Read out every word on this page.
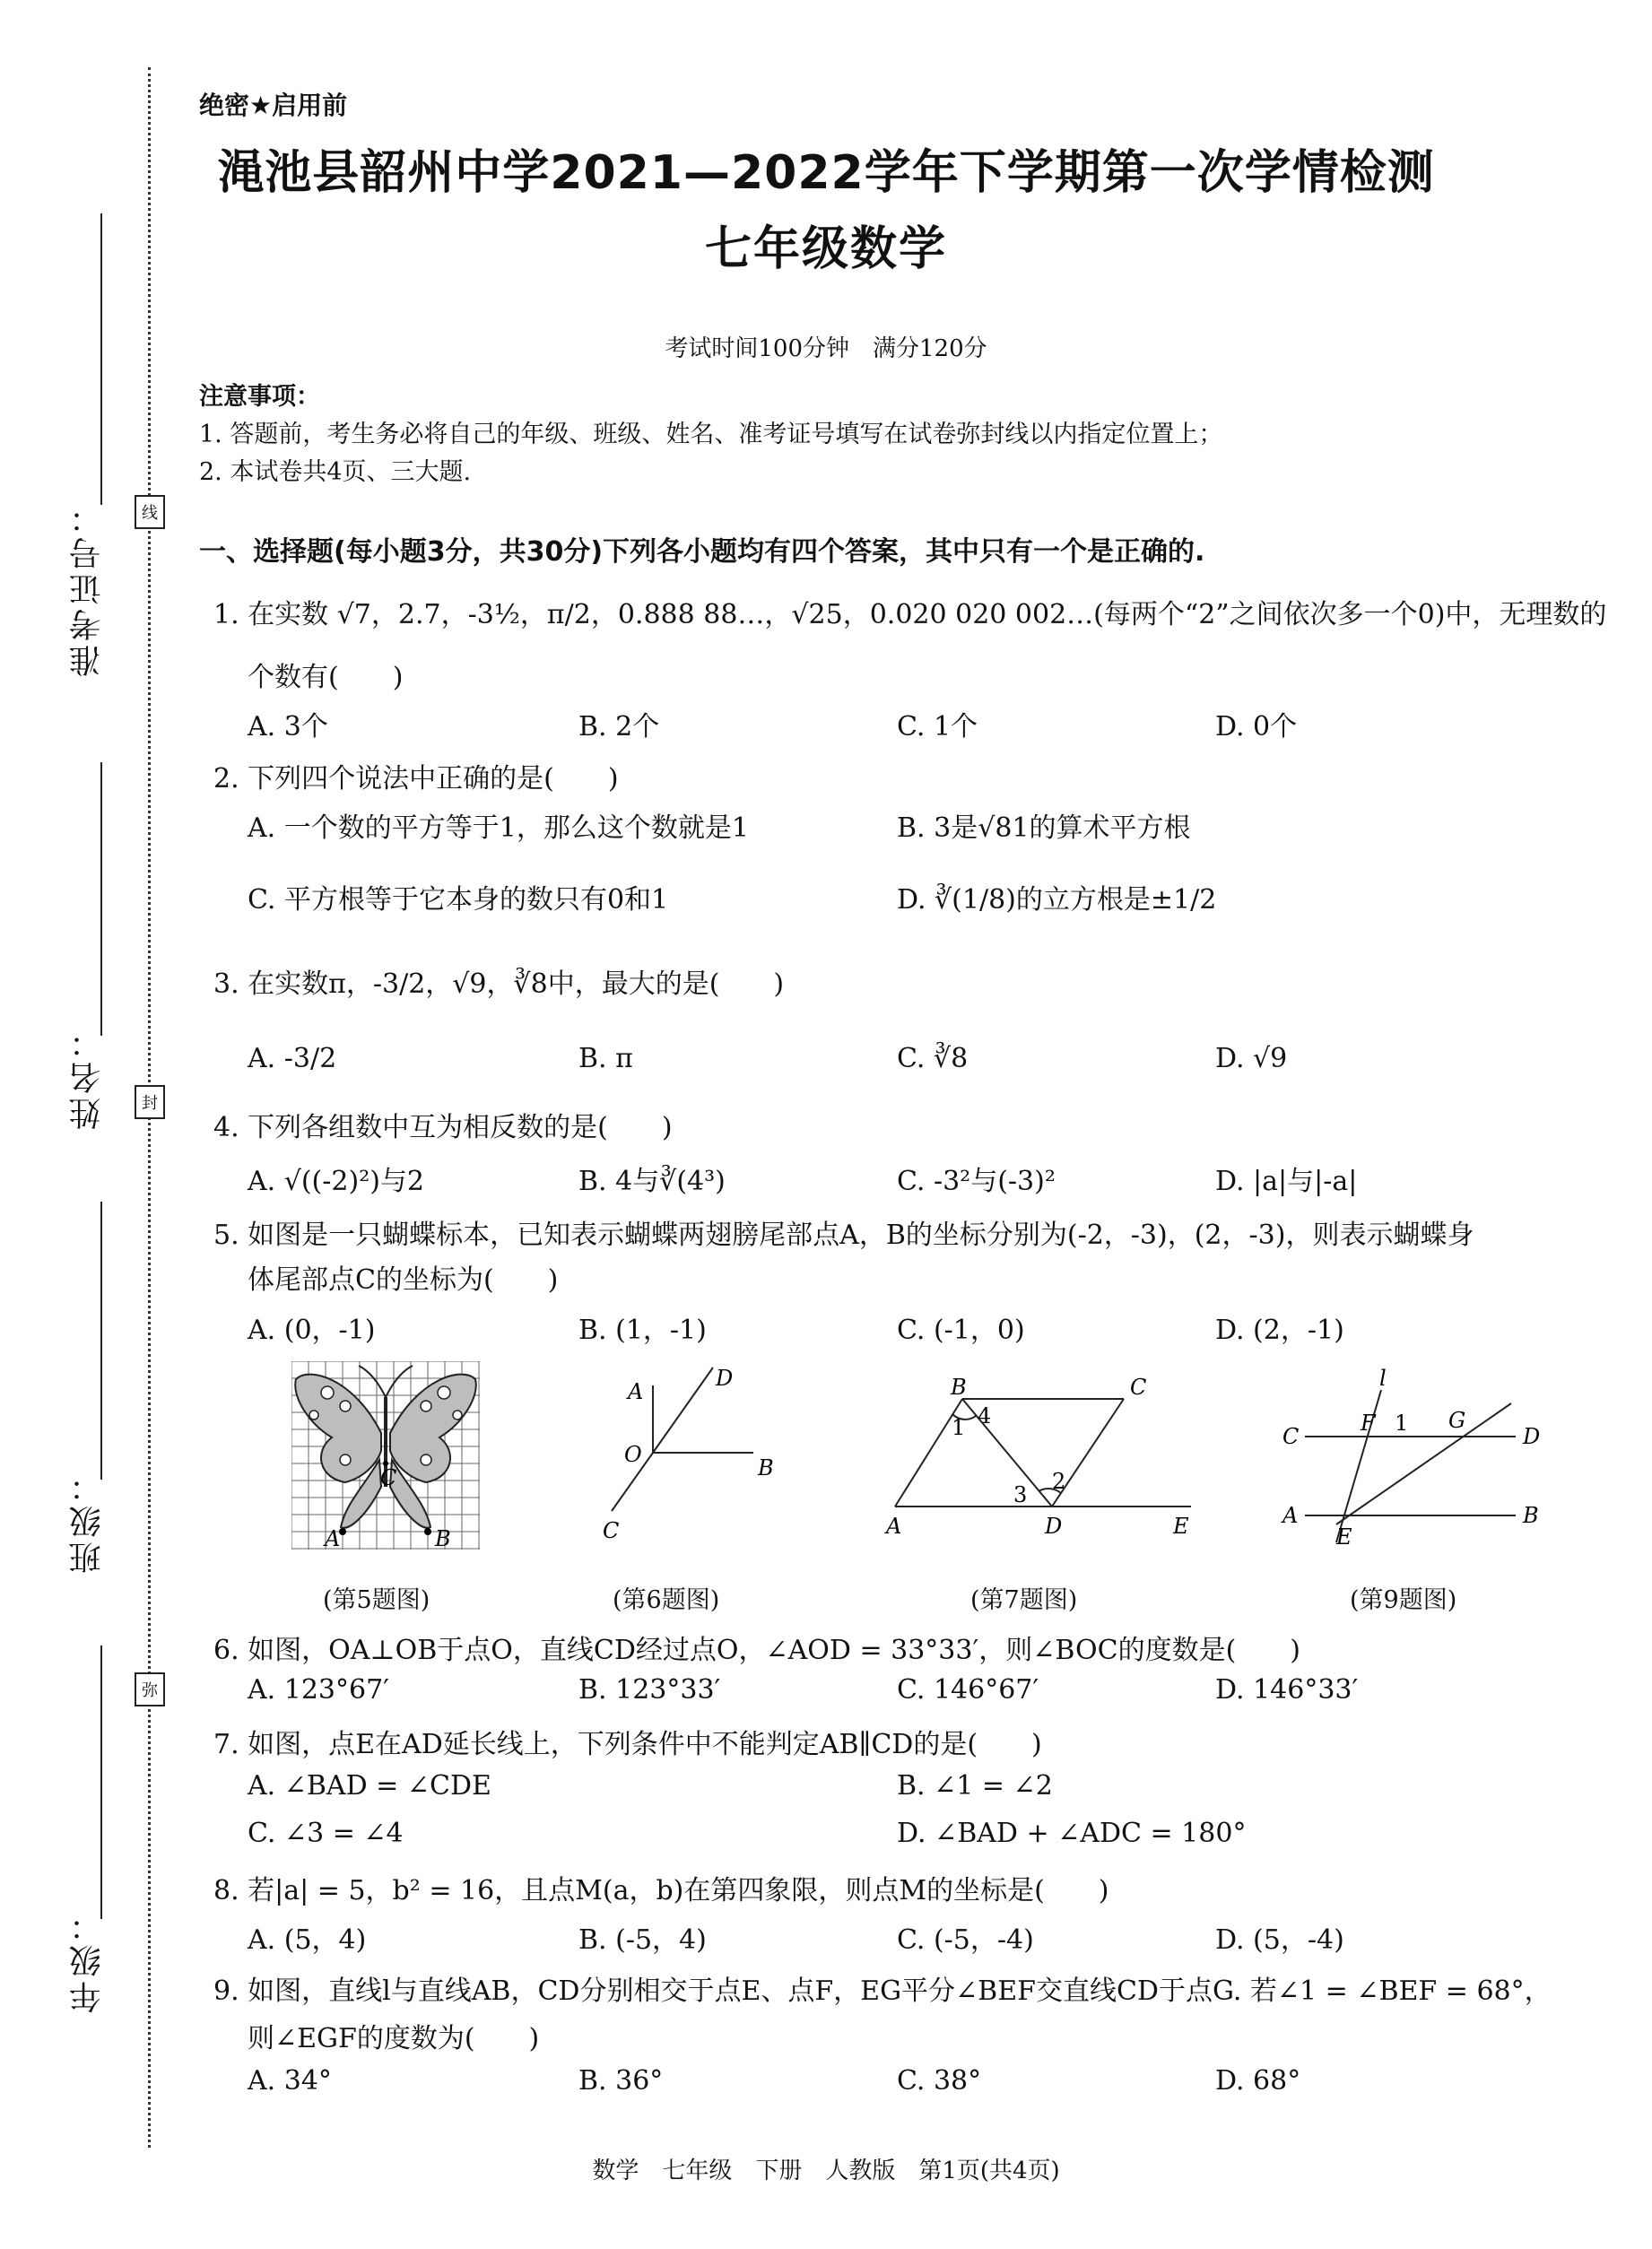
线
封
弥
准考证号：
姓名：
班级：
年级：
绝密★启用前
渑池县韶州中学2021—2022学年下学期第一次学情检测
七年级数学
考试时间100分钟　满分120分
注意事项：
1. 答题前，考生务必将自己的年级、班级、姓名、准考证号填写在试卷弥封线以内指定位置上；
2. 本试卷共4页、三大题.
一、选择题(每小题3分，共30分)下列各小题均有四个答案，其中只有一个是正确的.
1. 在实数 √7，2.7，-3½，π/2，0.888 88…，√25，0.020 020 002…(每两个“2”之间依次多一个0)中，无理数的
个数有(　　)
A. 3个	B. 2个	C. 1个	D. 0个
2. 下列四个说法中正确的是(　　)
A. 一个数的平方等于1，那么这个数就是1	B. 3是√81的算术平方根
C. 平方根等于它本身的数只有0和1	D. ∛(1/8)的立方根是±1/2
3. 在实数π，-3/2，√9，∛8中，最大的是(　　)
A. -3/2	B. π	C. ∛8	D. √9
4. 下列各组数中互为相反数的是(　　)
A. √((-2)²)与2	B. 4与∛(4³)	C. -3²与(-3)²	D. |a|与|-a|
5. 如图是一只蝴蝶标本，已知表示蝴蝶两翅膀尾部点A，B的坐标分别为(-2，-3)，(2，-3)，则表示蝴蝶身
体尾部点C的坐标为(　　)
A. (0，-1)	B. (1，-1)	C. (-1，0)	D. (2，-1)
C
A	B
(第5题图)
A
D
O
B
C
(第6题图)
B	C
1 4
2
3
A	D	E
(第7题图)
l
C
F 1 G
D
A
E
B
(第9题图)
6. 如图，OA⊥OB于点O，直线CD经过点O，∠AOD = 33°33′，则∠BOC的度数是(　　)
A. 123°67′	B. 123°33′	C. 146°67′	D. 146°33′
7. 如图，点E在AD延长线上，下列条件中不能判定AB∥CD的是(　　)
A. ∠BAD = ∠CDE	B. ∠1 = ∠2
C. ∠3 = ∠4	D. ∠BAD + ∠ADC = 180°
8. 若|a| = 5，b² = 16，且点M(a，b)在第四象限，则点M的坐标是(　　)
A. (5，4)	B. (-5，4)	C. (-5，-4)	D. (5，-4)
9. 如图，直线l与直线AB，CD分别相交于点E、点F，EG平分∠BEF交直线CD于点G. 若∠1 = ∠BEF = 68°，
则∠EGF的度数为(　　)
A. 34°	B. 36°	C. 38°	D. 68°
数学　七年级　下册　人教版　第1页(共4页)
